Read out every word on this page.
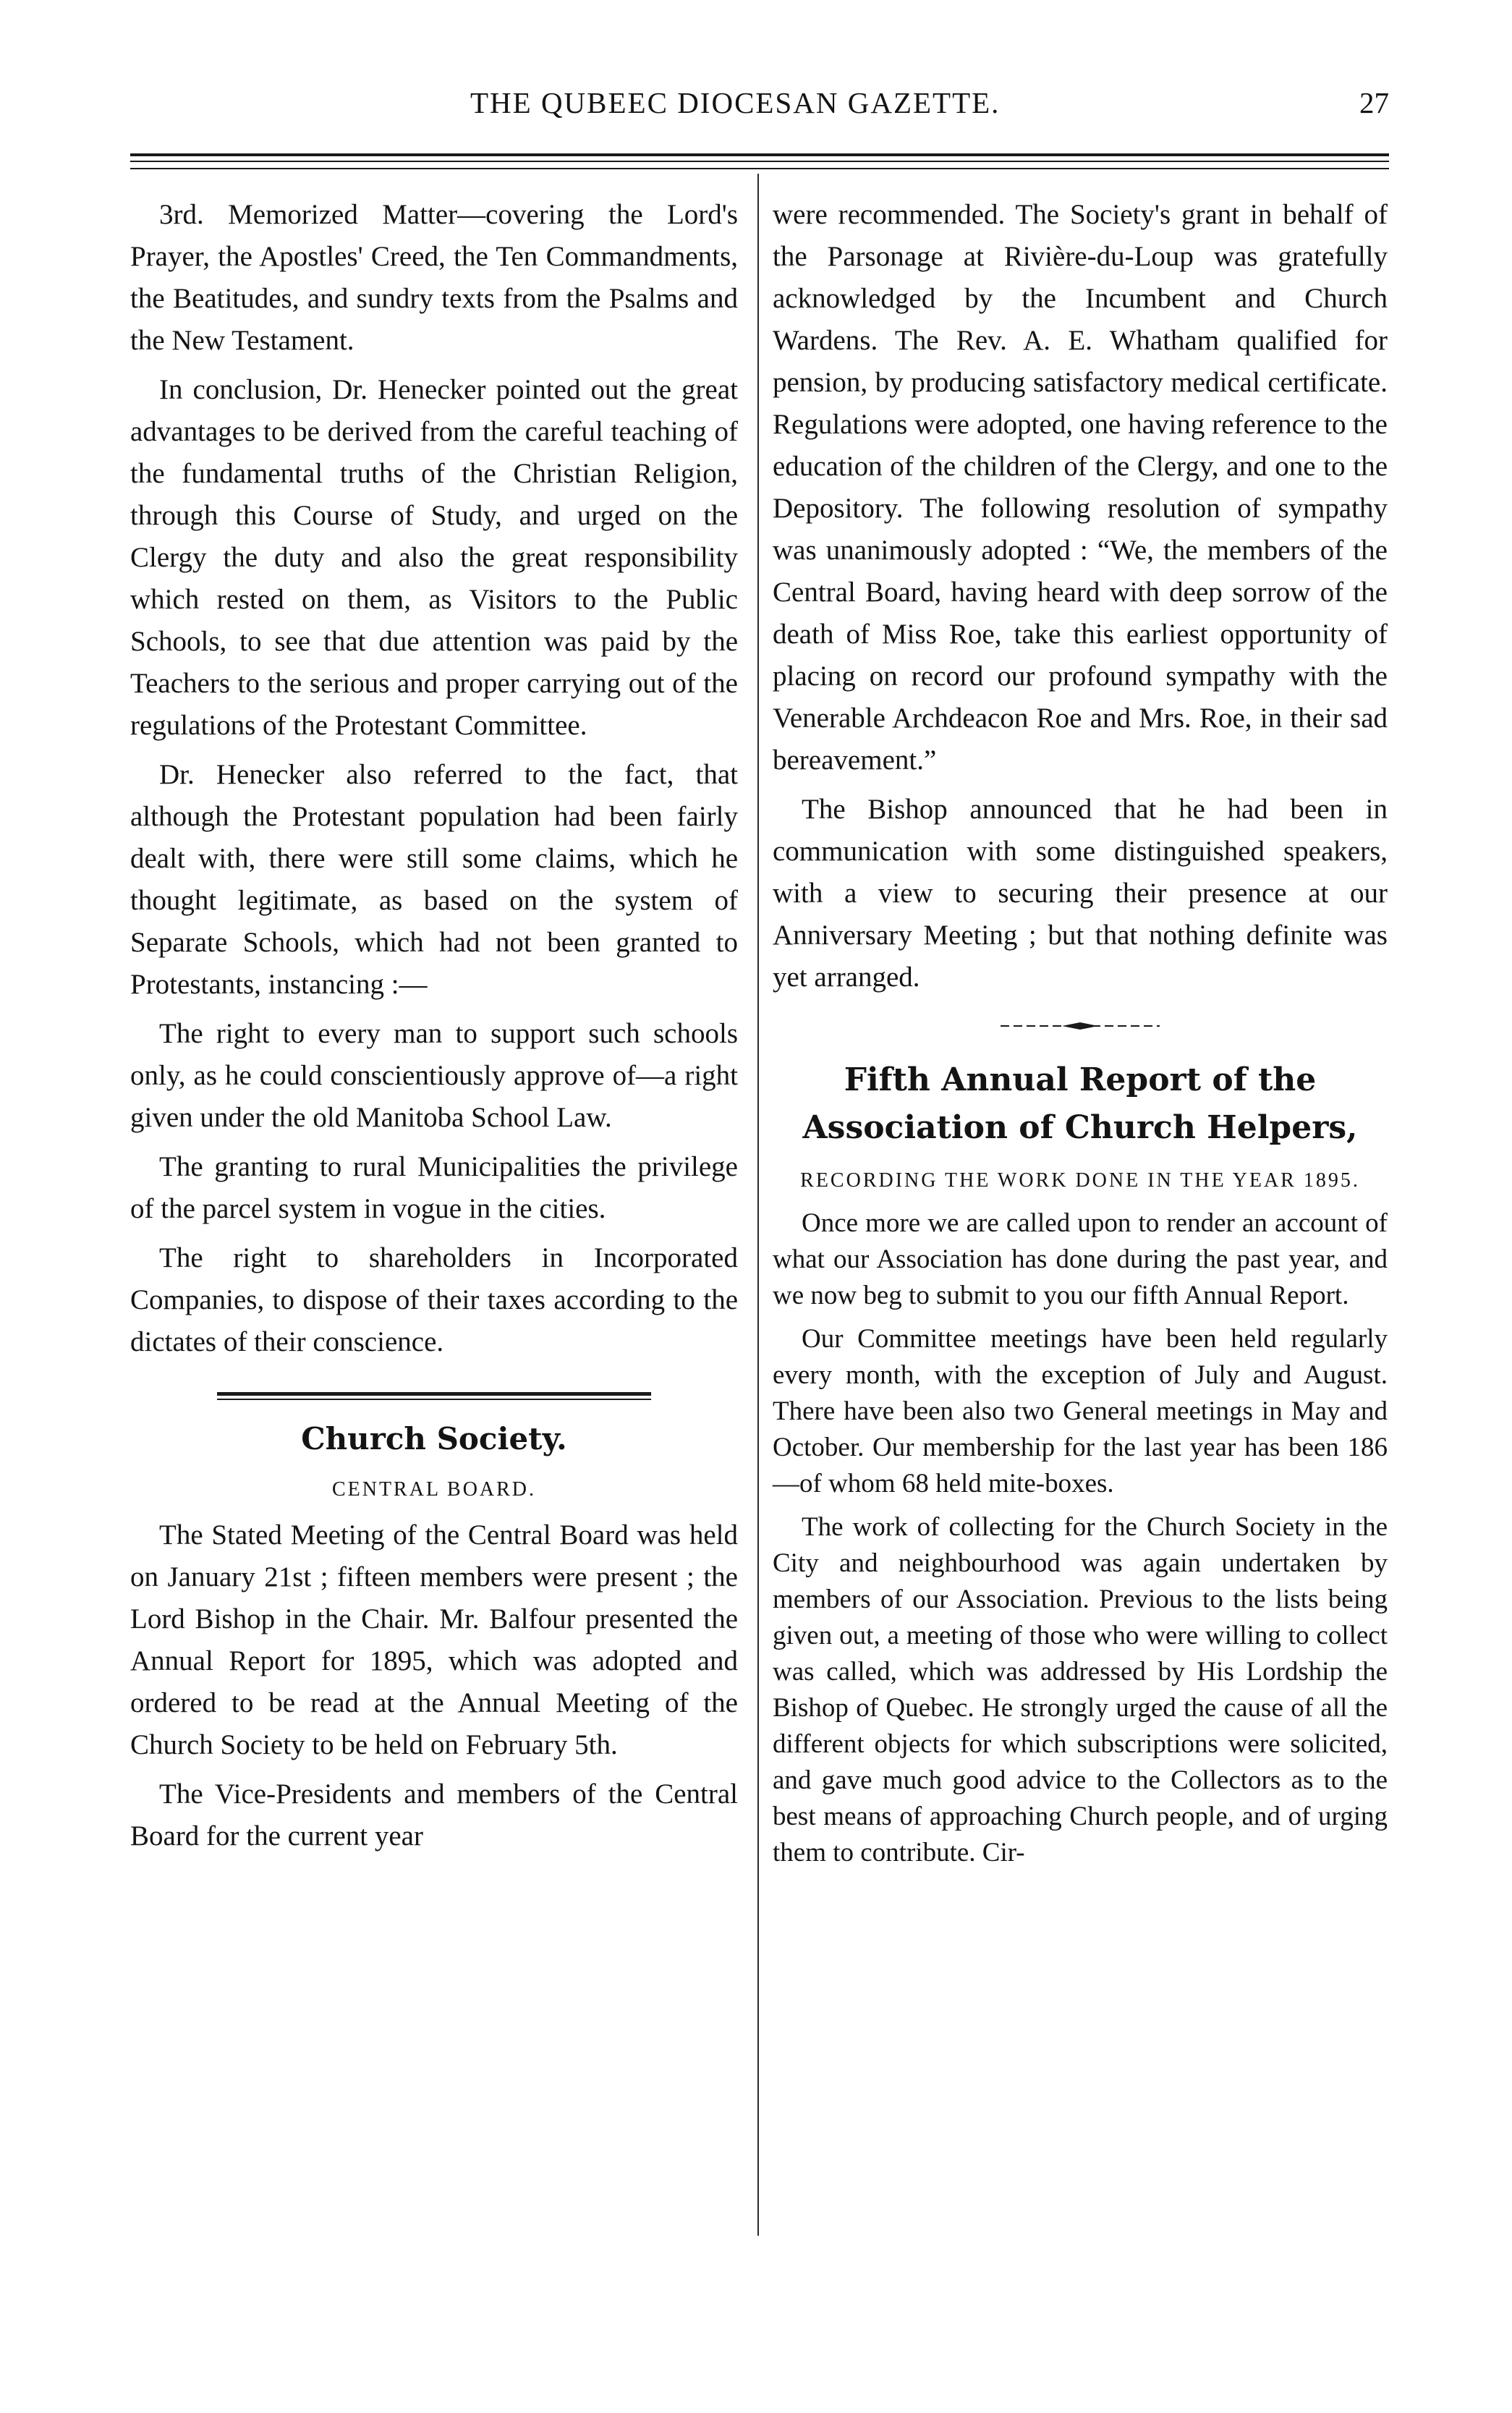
THE QUBEEC DIOCESAN GAZETTE.	27

3rd. Memorized Matter—covering the Lord's Prayer, the Apostles' Creed, the Ten Commandments, the Beatitudes, and sundry texts from the Psalms and the New Testament.

In conclusion, Dr. Henecker pointed out the great advantages to be derived from the careful teaching of the fundamental truths of the Christian Religion, through this Course of Study, and urged on the Clergy the duty and also the great responsibility which rested on them, as Visitors to the Public Schools, to see that due attention was paid by the Teachers to the serious and proper carrying out of the regulations of the Protestant Committee.

Dr. Henecker also referred to the fact, that although the Protestant population had been fairly dealt with, there were still some claims, which he thought legitimate, as based on the system of Separate Schools, which had not been granted to Protestants, instancing :—

The right to every man to support such schools only, as he could conscientiously approve of—a right given under the old Manitoba School Law.

The granting to rural Municipalities the privilege of the parcel system in vogue in the cities.

The right to shareholders in Incorporated Companies, to dispose of their taxes according to the dictates of their conscience.

Church Society.
CENTRAL BOARD.

The Stated Meeting of the Central Board was held on January 21st ; fifteen members were present ; the Lord Bishop in the Chair. Mr. Balfour presented the Annual Report for 1895, which was adopted and ordered to be read at the Annual Meeting of the Church Society to be held on February 5th.

The Vice-Presidents and members of the Central Board for the current year

were recommended. The Society's grant in behalf of the Parsonage at Rivière-du-Loup was gratefully acknowledged by the Incumbent and Church Wardens. The Rev. A. E. Whatham qualified for pension, by producing satisfactory medical certificate. Regulations were adopted, one having reference to the education of the children of the Clergy, and one to the Depository. The following resolution of sympathy was unanimously adopted : “We, the members of the Central Board, having heard with deep sorrow of the death of Miss Roe, take this earliest opportunity of placing on record our profound sympathy with the Venerable Archdeacon Roe and Mrs. Roe, in their sad bereavement.”

The Bishop announced that he had been in communication with some distinguished speakers, with a view to securing their presence at our Anniversary Meeting ; but that nothing definite was yet arranged.

Fifth Annual Report of the Association of Church Helpers,
RECORDING THE WORK DONE IN THE YEAR 1895.

Once more we are called upon to render an account of what our Association has done during the past year, and we now beg to submit to you our fifth Annual Report.

Our Committee meetings have been held regularly every month, with the exception of July and August. There have been also two General meetings in May and October. Our membership for the last year has been 186—of whom 68 held mite-boxes.

The work of collecting for the Church Society in the City and neighbourhood was again undertaken by members of our Association. Previous to the lists being given out, a meeting of those who were willing to collect was called, which was addressed by His Lordship the Bishop of Quebec. He strongly urged the cause of all the different objects for which subscriptions were solicited, and gave much good advice to the Collectors as to the best means of approaching Church people, and of urging them to contribute. Cir-
